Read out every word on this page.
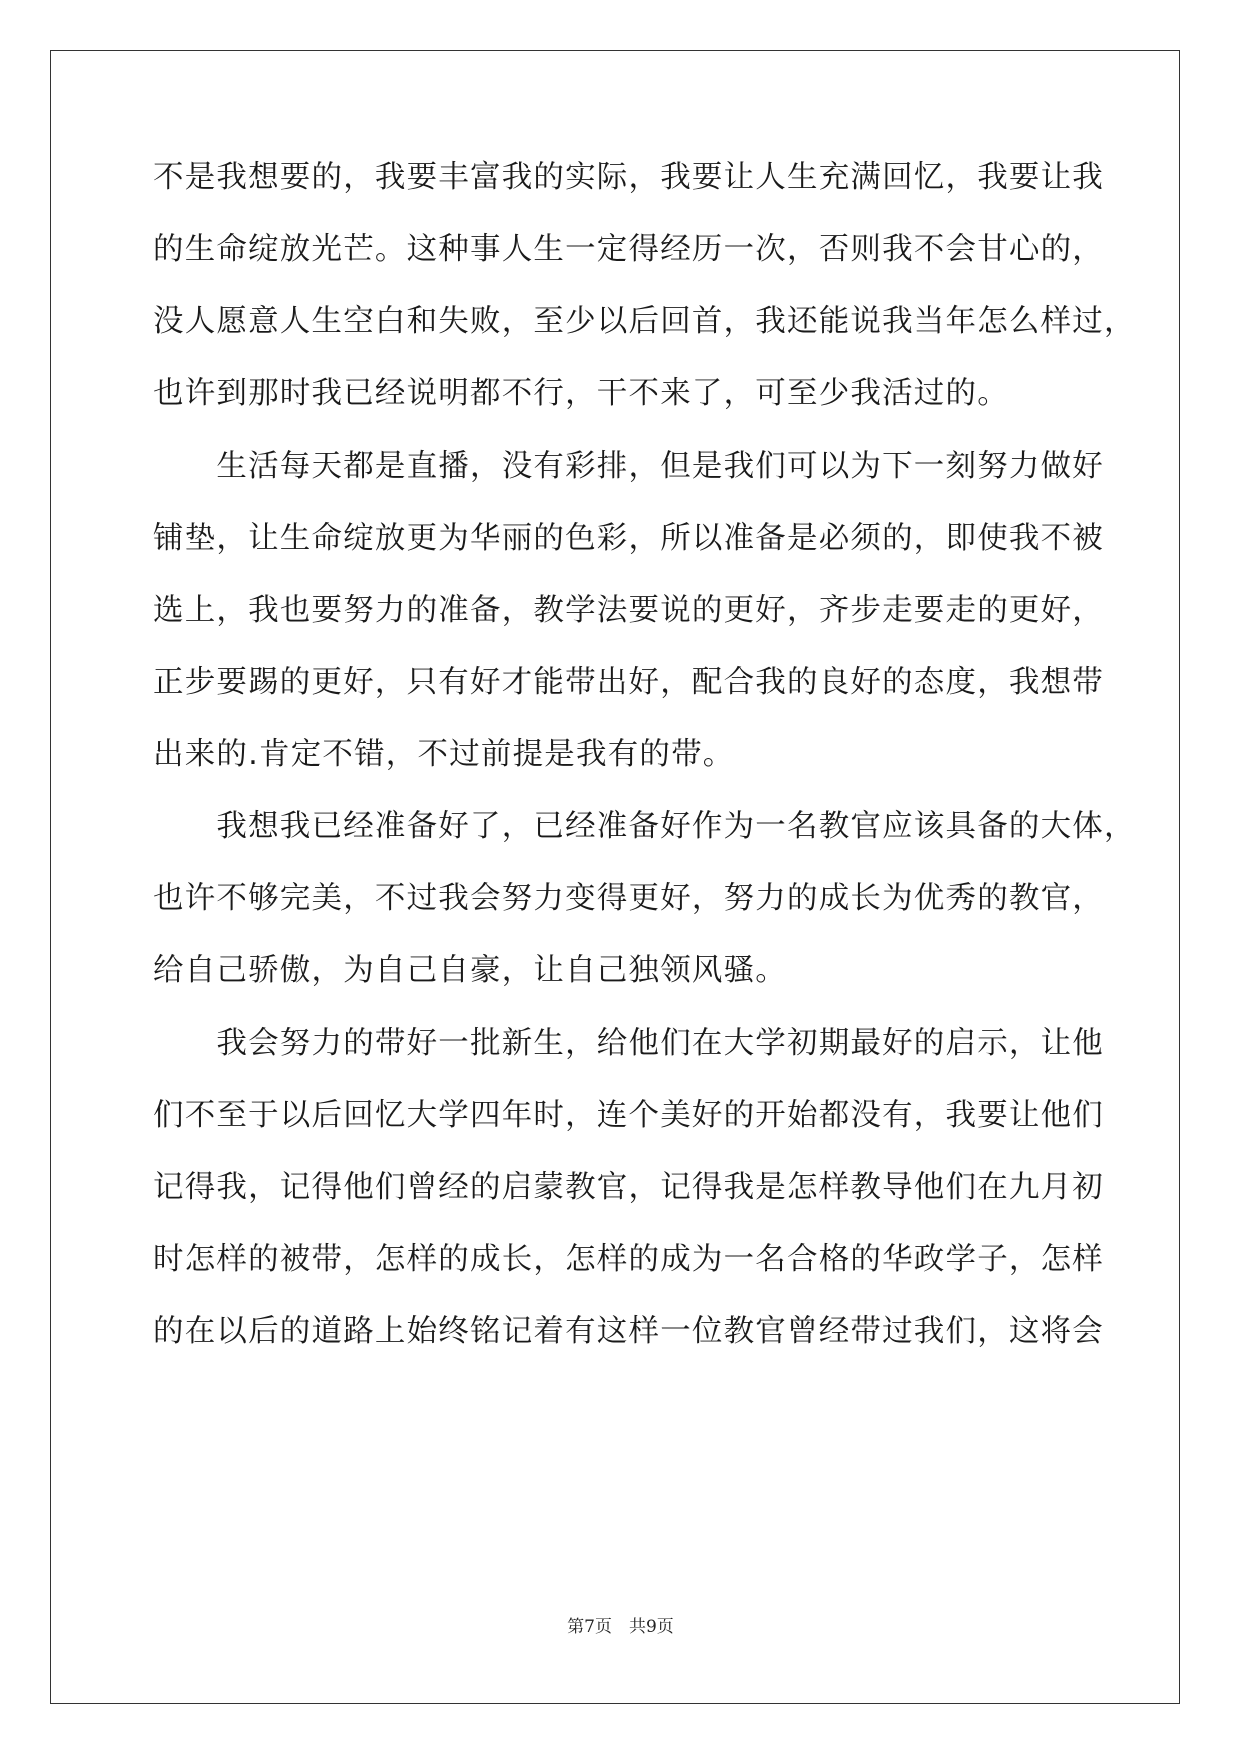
不是我想要的，我要丰富我的实际，我要让人生充满回忆，我要让我
的生命绽放光芒。这种事人生一定得经历一次，否则我不会甘心的，
没人愿意人生空白和失败，至少以后回首，我还能说我当年怎么样过，
也许到那时我已经说明都不行，干不来了，可至少我活过的。
　　生活每天都是直播，没有彩排，但是我们可以为下一刻努力做好
铺垫，让生命绽放更为华丽的色彩，所以准备是必须的，即使我不被
选上，我也要努力的准备，教学法要说的更好，齐步走要走的更好，
正步要踢的更好，只有好才能带出好，配合我的良好的态度，我想带
出来的.肯定不错，不过前提是我有的带。
　　我想我已经准备好了，已经准备好作为一名教官应该具备的大体，
也许不够完美，不过我会努力变得更好，努力的成长为优秀的教官，
给自己骄傲，为自己自豪，让自己独领风骚。
　　我会努力的带好一批新生，给他们在大学初期最好的启示，让他
们不至于以后回忆大学四年时，连个美好的开始都没有，我要让他们
记得我，记得他们曾经的启蒙教官，记得我是怎样教导他们在九月初
时怎样的被带，怎样的成长，怎样的成为一名合格的华政学子，怎样
的在以后的道路上始终铭记着有这样一位教官曾经带过我们，这将会
第7页　共9页
